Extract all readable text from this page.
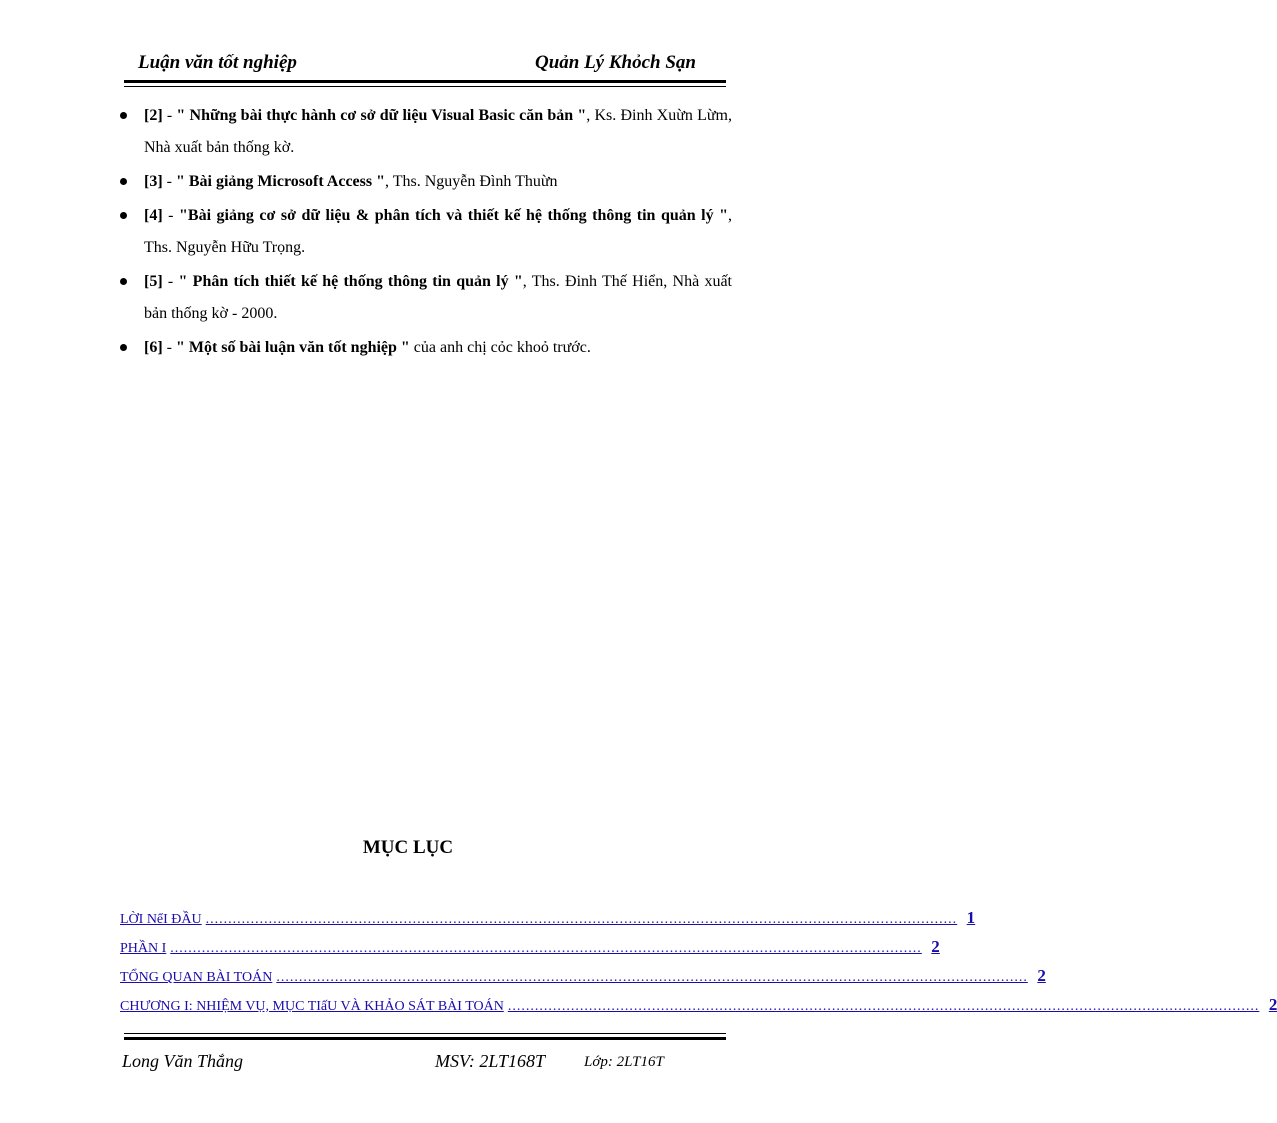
Luận văn tốt nghiệp	Quản Lý Khỏch Sạn
[2] - " Những bài thực hành cơ sở dữ liệu Visual Basic căn bản ", Ks. Đinh Xuừn Lừm, Nhà xuất bản thống kờ.
[3] - " Bài giảng Microsoft Access ", Ths. Nguyễn Đình Thuừn
[4] - "Bài giảng cơ sở dữ liệu & phân tích và thiết kế hệ thống thông tin quản lý ", Ths. Nguyễn Hữu Trọng.
[5] - " Phân tích thiết kế hệ thống thông tin quản lý ", Ths. Đinh Thế Hiển, Nhà xuất bản thống kờ - 2000.
[6] - " Một số bài luận văn tốt nghiệp " của anh chị cỏc khoỏ trước.
MỤC LỤC
LỜI NểI ĐẦU ....................................................................................................................................................................... 1
PHẦN I ....................................................................................................................................................................... 2
TỔNG QUAN BÀI TOÁN ....................................................................................................................................................................... 2
CHƯƠNG I: NHIỆM VỤ, MỤC TIấU VÀ KHẢO SÁT BÀI TOÁN ....................................................................................................................................................................... 2
Long Văn Thắng	MSV: 2LT168T	Lớp: 2LT16T
